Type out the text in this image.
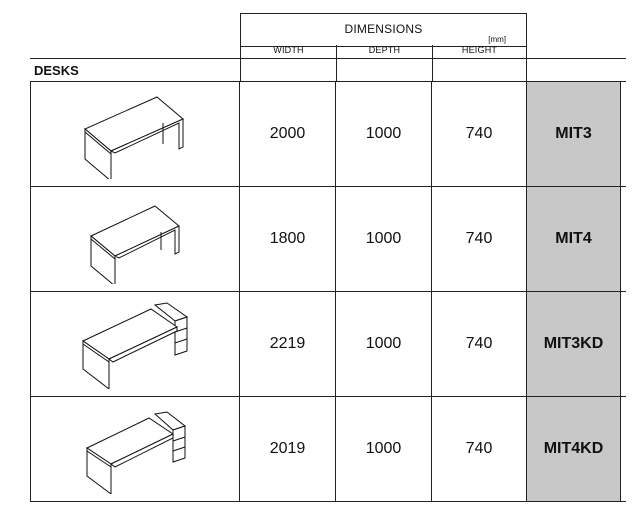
DIMENSIONS
[mm]
DESKS
WIDTH	DEPTH	HEIGHT
2000	1000	740	MIT3
1800	1000	740	MIT4
2219	1000	740	MIT3KD
2019	1000	740	MIT4KD
